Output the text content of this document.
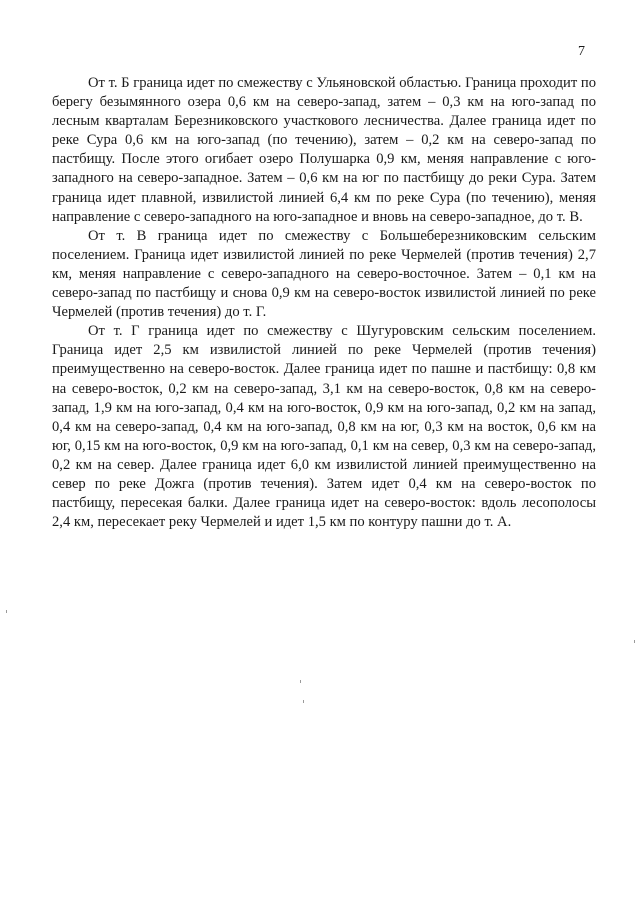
7

От т. Б граница идет по смежеству с Ульяновской областью. Граница проходит по берегу безымянного озера 0,6 км на северо-запад, затем – 0,3 км на юго-запад по лесным кварталам Березниковского участкового лесничества. Далее граница идет по реке Сура 0,6 км на юго-запад (по течению), затем – 0,2 км на северо-запад по пастбищу. После этого огибает озеро Полушарка 0,9 км, меняя направление с юго-западного на северо-западное. Затем – 0,6 км на юг по пастбищу до реки Сура. Затем граница идет плавной, извилистой линией 6,4 км по реке Сура (по течению), меняя направление с северо-западного на юго-западное и вновь на северо-западное, до т. В.

От т. В граница идет по смежеству с Большеберезниковским сельским поселением. Граница идет извилистой линией по реке Чермелей (против течения) 2,7 км, меняя направление с северо-западного на северо-восточное. Затем – 0,1 км на северо-запад по пастбищу и снова 0,9 км на северо-восток извилистой линией по реке Чермелей (против течения) до т. Г.

От т. Г граница идет по смежеству с Шугуровским сельским поселением. Граница идет 2,5 км извилистой линией по реке Чермелей (против течения) преимущественно на северо-восток. Далее граница идет по пашне и пастбищу: 0,8 км на северо-восток, 0,2 км на северо-запад, 3,1 км на северо-восток, 0,8 км на северо-запад, 1,9 км на юго-запад, 0,4 км на юго-восток, 0,9 км на юго-запад, 0,2 км на запад, 0,4 км на северо-запад, 0,4 км на юго-запад, 0,8 км на юг, 0,3 км на восток, 0,6 км на юг, 0,15 км на юго-восток, 0,9 км на юго-запад, 0,1 км на север, 0,3 км на северо-запад, 0,2 км на север. Далее граница идет 6,0 км извилистой линией преимущественно на север по реке Дожга (против течения). Затем идет 0,4 км на северо-восток по пастбищу, пересекая балки. Далее граница идет на северо-восток: вдоль лесополосы 2,4 км, пересекает реку Чермелей и идет 1,5 км по контуру пашни до т. А.
